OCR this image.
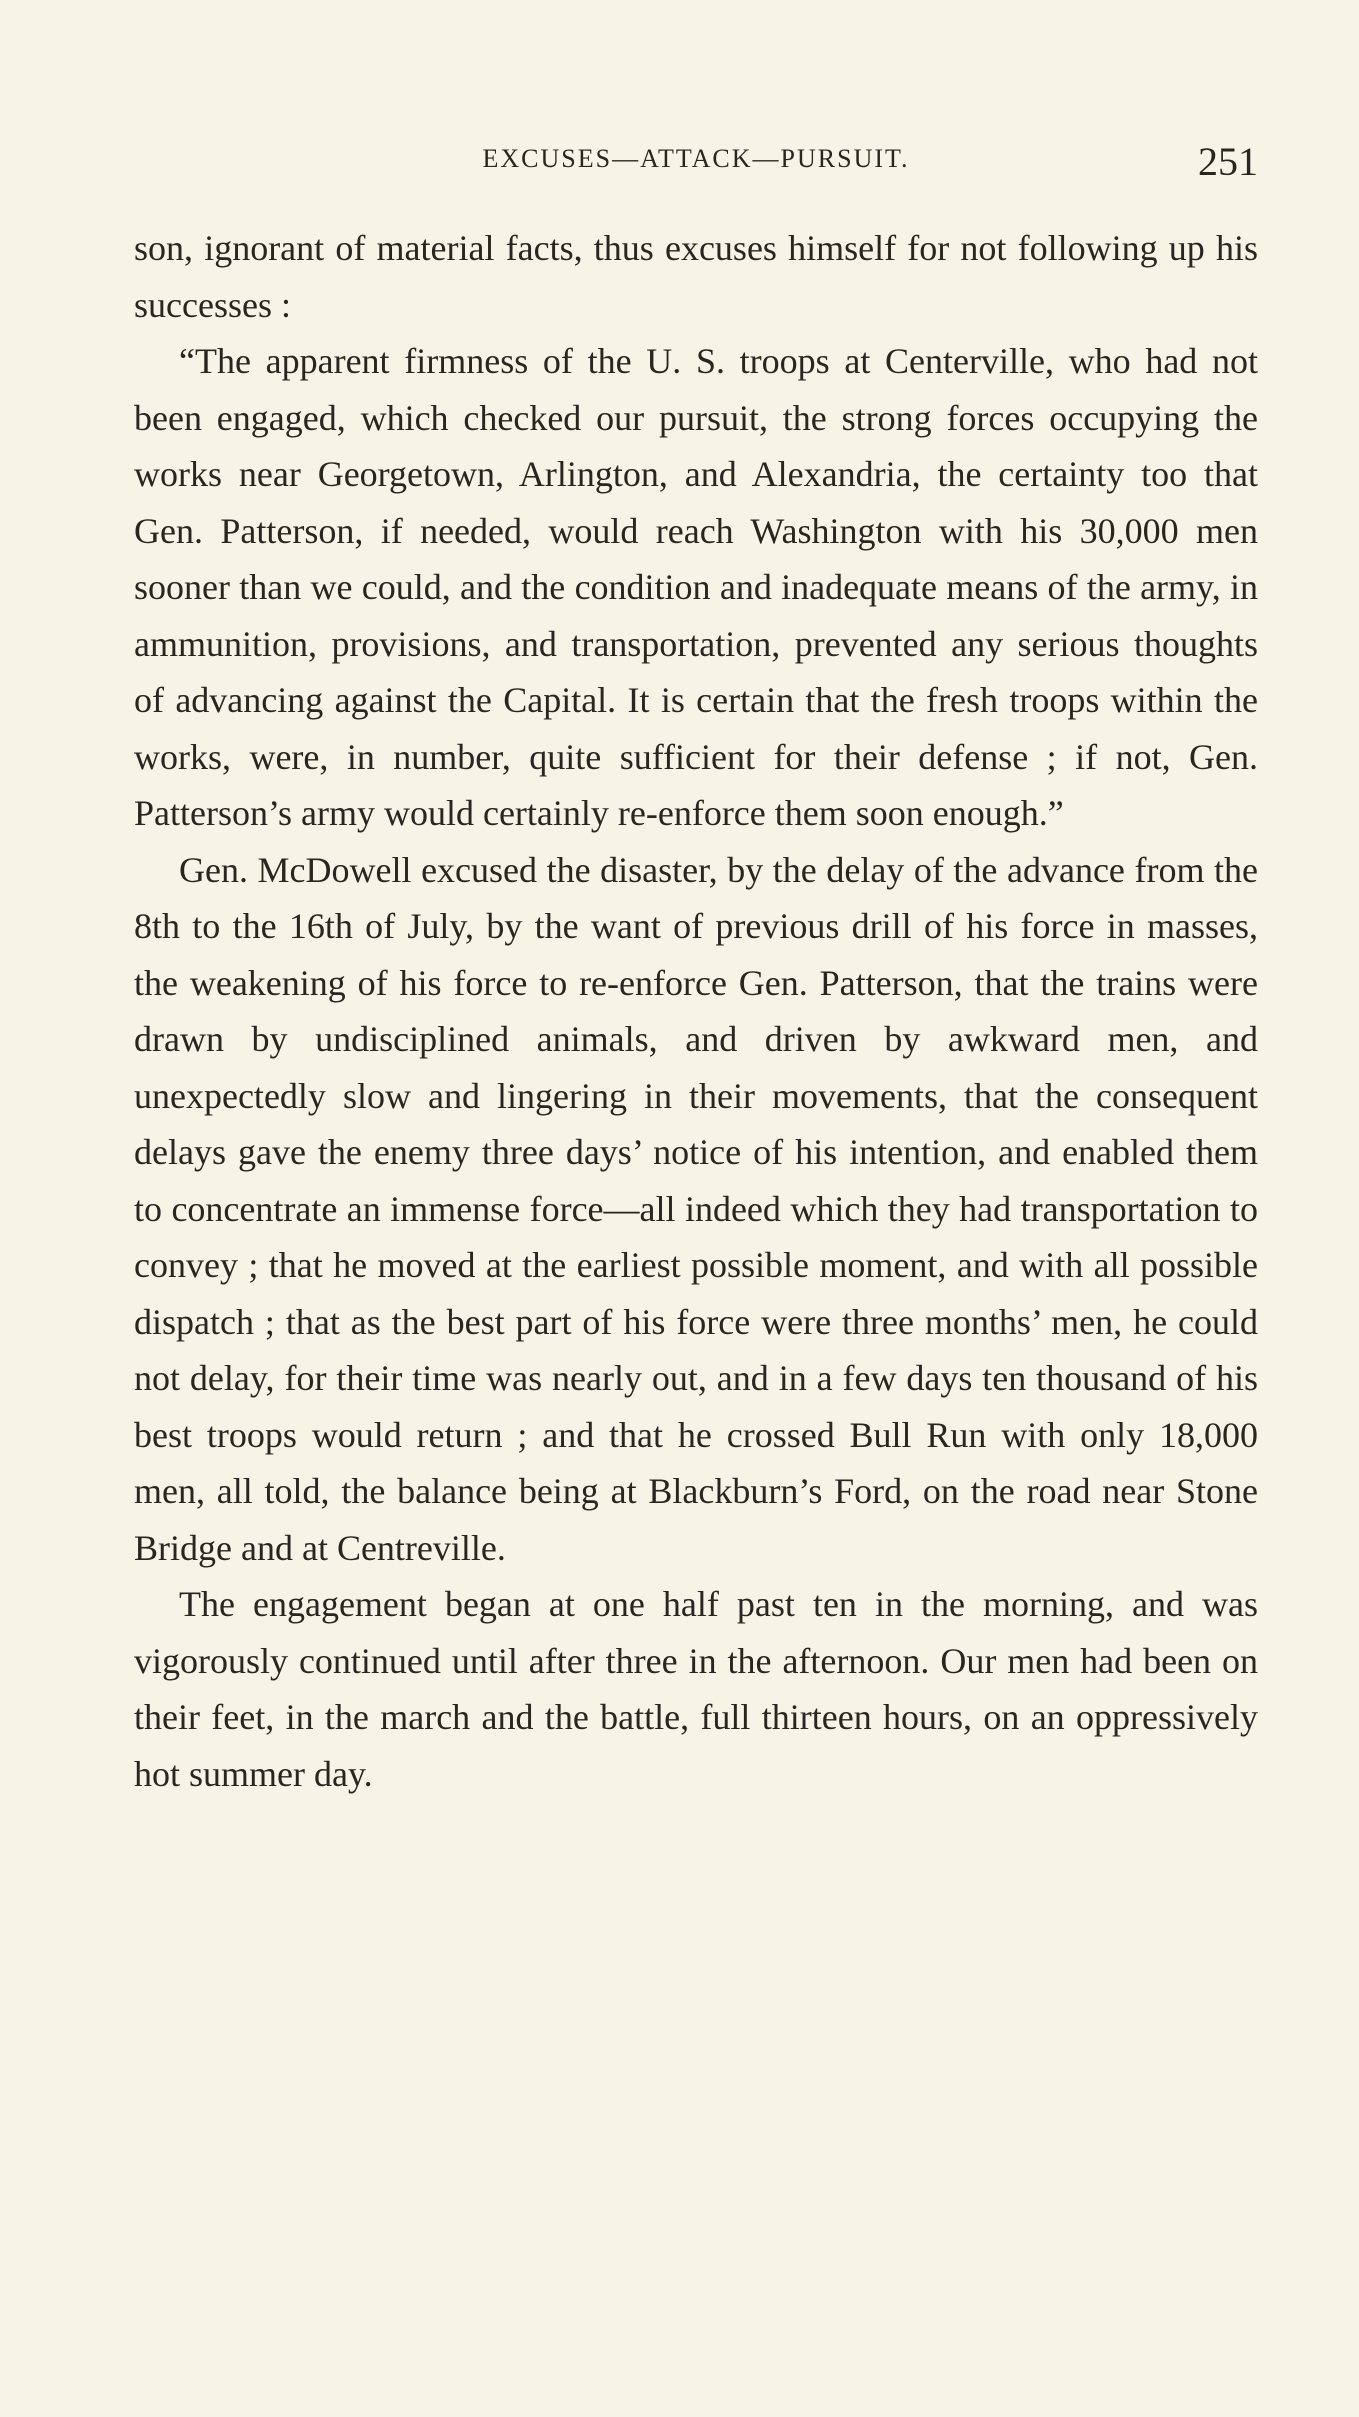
EXCUSES—ATTACK—PURSUIT.	251

son, ignorant of material facts, thus excuses himself for not following up his successes :

“The apparent firmness of the U. S. troops at Centerville, who had not been engaged, which checked our pursuit, the strong forces occupying the works near Georgetown, Arlington, and Alexandria, the certainty too that Gen. Patterson, if needed, would reach Washington with his 30,000 men sooner than we could, and the condition and inadequate means of the army, in ammunition, provisions, and transportation, prevented any serious thoughts of advancing against the Capital. It is certain that the fresh troops within the works, were, in number, quite sufficient for their defense ; if not, Gen. Patterson’s army would certainly re-enforce them soon enough.”

Gen. McDowell excused the disaster, by the delay of the advance from the 8th to the 16th of July, by the want of previous drill of his force in masses, the weakening of his force to re-enforce Gen. Patterson, that the trains were drawn by undisciplined animals, and driven by awkward men, and unexpectedly slow and lingering in their movements, that the consequent delays gave the enemy three days’ notice of his intention, and enabled them to concentrate an immense force—all indeed which they had transportation to convey ; that he moved at the earliest possible moment, and with all possible dispatch ; that as the best part of his force were three months’ men, he could not delay, for their time was nearly out, and in a few days ten thousand of his best troops would return ; and that he crossed Bull Run with only 18,000 men, all told, the balance being at Blackburn’s Ford, on the road near Stone Bridge and at Centreville.

The engagement began at one half past ten in the morning, and was vigorously continued until after three in the afternoon. Our men had been on their feet, in the march and the battle, full thirteen hours, on an oppressively hot summer day.
